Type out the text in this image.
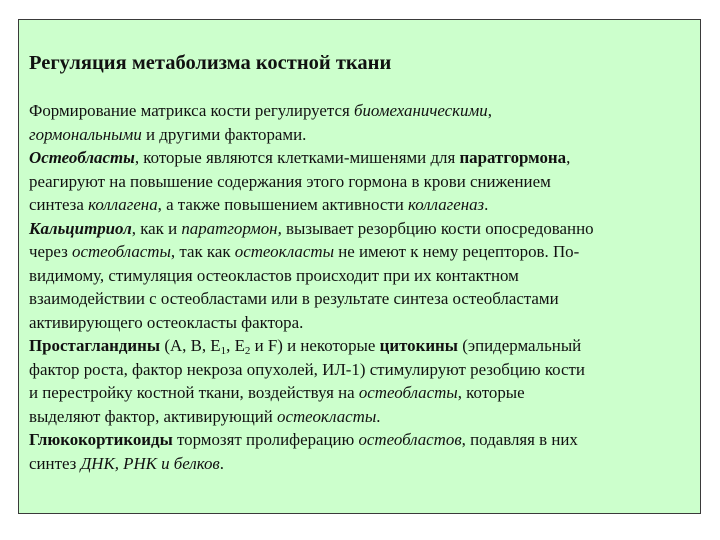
Регуляция метаболизма костной ткани
Формирование матрикса кости регулируется биомеханическими,
гормональными и другими факторами.
Остеобласты, которые являются клетками-мишенями для паратгормона,
реагируют на повышение содержания этого гормона в крови снижением
синтеза коллагена, а также повышением активности коллагеназ.
Кальцитриол, как и паратгормон, вызывает резорбцию кости опосредованно
через остеобласты, так как остеокласты не имеют к нему рецепторов. По-
видимому, стимуляция остеокластов происходит при их контактном
взаимодействии с остеобластами или в результате синтеза остеобластами
активирующего остеокласты фактора.
Простагландины (А, В, $Е_1$, $Е_2$ и F) и некоторые цитокины (эпидермальный
фактор роста, фактор некроза опухолей, ИЛ-1) стимулируют резобцию кости
и перестройку костной ткани, воздействуя на остеобласты, которые
выделяют фактор, активирующий остеокласты.
Глюкокортикоиды тормозят пролиферацию остеобластов, подавляя в них
синтез ДНК, РНК и белков.
